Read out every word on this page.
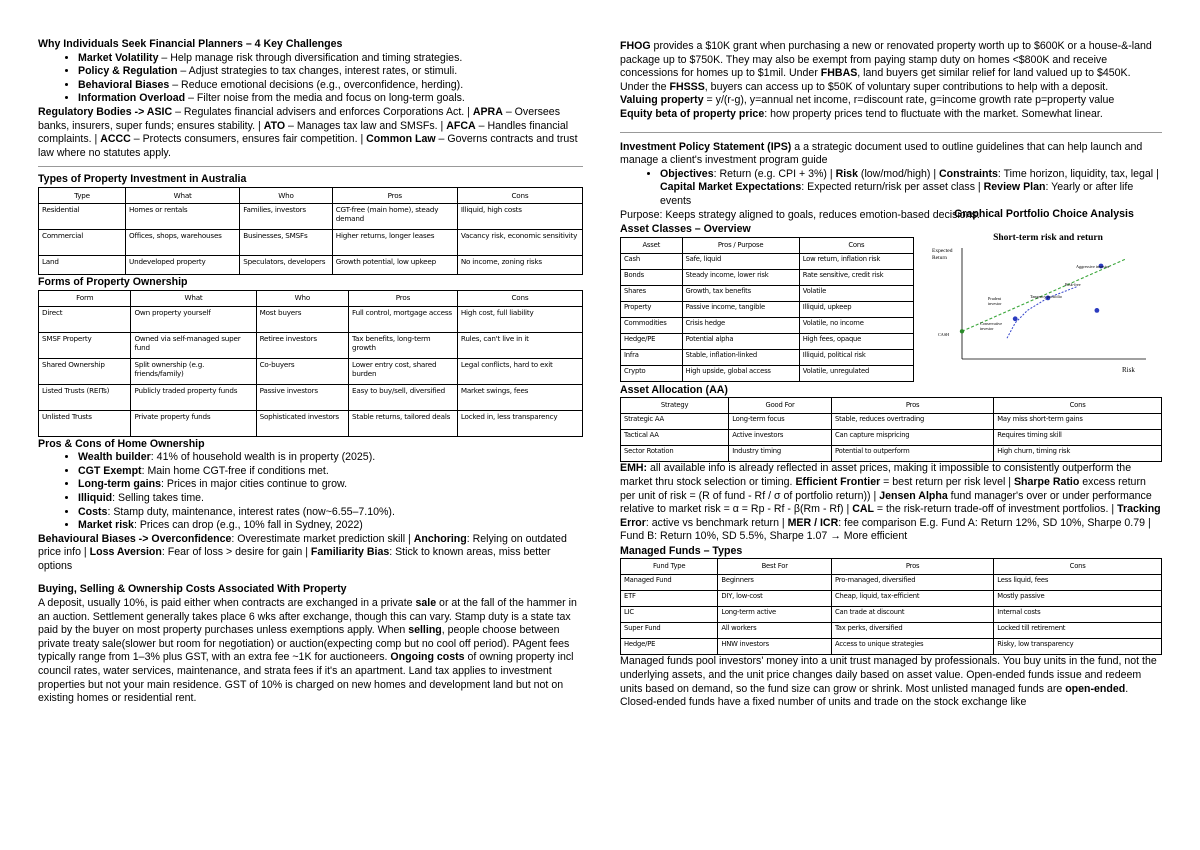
Why Individuals Seek Financial Planners – 4 Key Challenges
• Market Volatility – Help manage risk through diversification and timing strategies.
• Policy & Regulation – Adjust strategies to tax changes, interest rates, or stimuli.
• Behavioral Biases – Reduce emotional decisions (e.g., overconfidence, herding).
• Information Overload – Filter noise from the media and focus on long-term goals.

Regulatory Bodies -> ASIC – Regulates financial advisers and enforces Corporations Act. | APRA – Oversees banks, insurers, super funds; ensures stability. | ATO – Manages tax law and SMSFs. | AFCA – Handles financial complaints. | ACCC – Protects consumers, ensures fair competition. | Common Law – Governs contracts and trust law where no statutes apply.

Types of Property Investment in Australia
Type	What	Who	Pros	Cons
Residential	Homes or rentals	Families, investors	CGT-free (main home), steady demand	Illiquid, high costs
Commercial	Offices, shops, warehouses	Businesses, SMSFs	Higher returns, longer leases	Vacancy risk, economic sensitivity
Land	Undeveloped property	Speculators, developers	Growth potential, low upkeep	No income, zoning risks
Forms of Property Ownership
Form	What	Who	Pros	Cons
Direct	Own property yourself	Most buyers	Full control, mortgage access	High cost, full liability
SMSF Property	Owned via self-managed super fund	Retiree investors	Tax benefits, long-term growth	Rules, can't live in it
Shared Ownership	Split ownership (e.g. friends/family)	Co-buyers	Lower entry cost, shared burden	Legal conflicts, hard to exit
Listed Trusts (REITs)	Publicly traded property funds	Passive investors	Easy to buy/sell, diversified	Market swings, fees
Unlisted Trusts	Private property funds	Sophisticated investors	Stable returns, tailored deals	Locked in, less transparency
Pros & Cons of Home Ownership
• Wealth builder: 41% of household wealth is in property (2025).
• CGT Exempt: Main home CGT-free if conditions met.
• Long-term gains: Prices in major cities continue to grow.
• Illiquid: Selling takes time.
• Costs: Stamp duty, maintenance, interest rates (now~6.55–7.10%).
• Market risk: Prices can drop (e.g., 10% fall in Sydney, 2022)

Behavioural Biases -> Overconfidence: Overestimate market prediction skill | Anchoring: Relying on outdated price info | Loss Aversion: Fear of loss > desire for gain | Familiarity Bias: Stick to known areas, miss better options

Buying, Selling & Ownership Costs Associated With Property

A deposit, usually 10%, is paid either when contracts are exchanged in a private sale or at the fall of the hammer in an auction. Settlement generally takes place 6 wks after exchange, though this can vary. Stamp duty is a state tax paid by the buyer on most property purchases unless exemptions apply. When selling, people choose between private treaty sale(slower but room for negotiation) or auction(expecting comp but no cool off period). PAgent fees typically range from 1–3% plus GST, with an extra fee ~1K for auctioneers. Ongoing costs of owning property incl council rates, water services, maintenance, and strata fees if it's an apartment. Land tax applies to investment properties but not your main residence. GST of 10% is charged on new homes and development land but not on existing homes or residential rent.

FHOG provides a $10K grant when purchasing a new or renovated property worth up to $600K or a house-&-land package up to $750K. They may also be exempt from paying stamp duty on homes <$800K and receive concessions for homes up to $1mil. Under FHBAS, land buyers get similar relief for land valued up to $450K. Under the FHSSS, buyers can access up to $50K of voluntary super contributions to help with a deposit.

Valuing property = y/(r-g), y=annual net income, r=discount rate, g=income growth rate p=property value

Equity beta of property price: how property prices tend to fluctuate with the market. Somewhat linear.

Investment Policy Statement (IPS) a a strategic document used to outline guidelines that can help launch and manage a client's investment program guide

• Objectives: Return (e.g. CPI + 3%) | Risk (low/mod/high) | Constraints: Time horizon, liquidity, tax, legal | Capital Market Expectations: Expected return/risk per asset class | Review Plan: Yearly or after life events

Purpose: Keeps strategy aligned to goals, reduces emotion-based decisions.

Asset Classes – Overview
Asset	Pros / Purpose	Cons
Cash	Safe, liquid	Low return, inflation risk
Bonds	Steady income, lower risk	Rate sensitive, credit risk
Shares	Growth, tax benefits	Volatile
Property	Passive income, tangible	Illiquid, upkeep
Commodities	Crisis hedge	Volatile, no income
Hedge/PE	Potential alpha	High fees, opaque
Infra	Stable, inflation-linked	Illiquid, political risk
Crypto	High upside, global access	Volatile, unregulated
Graphical Portfolio Choice Analysis
Short-term risk and return
Expected
Return
Risk
Aggressive investor
Risk-free
Prudent
investor
Tangency portfolio
Conservative
investor
CASH
Asset Allocation (AA)
Strategy	Good For	Pros	Cons
Strategic AA	Long-term focus	Stable, reduces overtrading	May miss short-term gains
Tactical AA	Active investors	Can capture mispricing	Requires timing skill
Sector Rotation	Industry timing	Potential to outperform	High churn, timing risk

EMH: all available info is already reflected in asset prices, making it impossible to consistently outperform the market thru stock selection or timing. Efficient Frontier = best return per risk level | Sharpe Ratio excess return per unit of risk = (R of fund - Rf / σ of portfolio return)) | Jensen Alpha fund manager's over or under performance relative to market risk = α = Rp - Rf - β(Rm - Rf) | CAL = the risk-return trade-off of investment portfolios. | Tracking Error: active vs benchmark return | MER / ICR: fee comparison E.g. Fund A: Return 12%, SD 10%, Sharpe 0.79 | Fund B: Return 10%, SD 5.5%, Sharpe 1.07 → More efficient

Managed Funds – Types
Fund Type	Best For	Pros	Cons
Managed Fund	Beginners	Pro-managed, diversified	Less liquid, fees
ETF	DIY, low-cost	Cheap, liquid, tax-efficient	Mostly passive
LIC	Long-term active	Can trade at discount	Internal costs
Super Fund	All workers	Tax perks, diversified	Locked till retirement
Hedge/PE	HNW investors	Access to unique strategies	Risky, low transparency

Managed funds pool investors' money into a unit trust managed by professionals. You buy units in the fund, not the underlying assets, and the unit price changes daily based on asset value. Open-ended funds issue and redeem units based on demand, so the fund size can grow or shrink. Most unlisted managed funds are open-ended. Closed-ended funds have a fixed number of units and trade on the stock exchange like
